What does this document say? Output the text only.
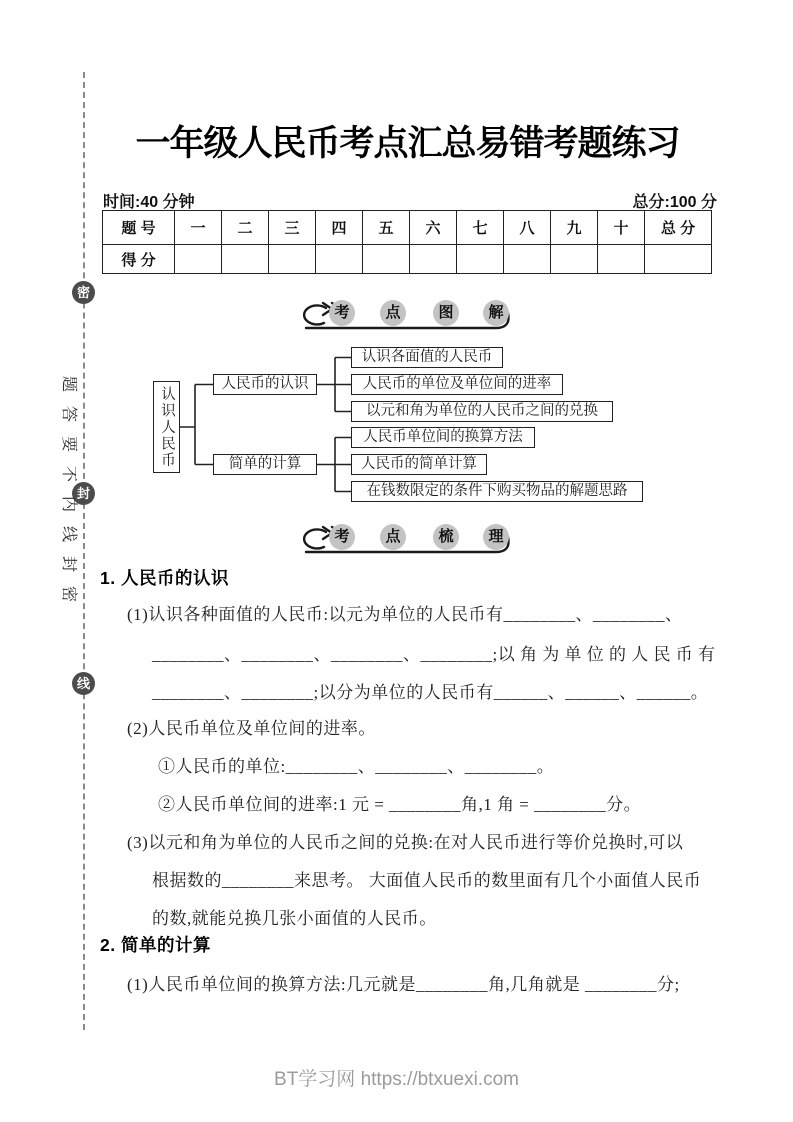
密
封
线
题
答
要
不
内
线
封
密
一年级人民币考点汇总易错考题练习
时间:40 分钟	总分:100 分
题 号	一	二	三	四	五	六	七	八	九	十	总 分
得 分											
考	点	图	解
认识人民币
人民币的认识
简单的计算
认识各面值的人民币
人民币的单位及单位间的进率
以元和角为单位的人民币之间的兑换
人民币单位间的换算方法
人民币的简单计算
在钱数限定的条件下购买物品的解题思路
考	点	梳	理
1. 人民币的认识
(1)认识各种面值的人民币:以元为单位的人民币有________、________、
________、________、________、________;以 角 为 单 位 的 人 民 币 有
________、________;以分为单位的人民币有______、______、______。
(2)人民币单位及单位间的进率。
①人民币的单位:________、________、________。
②人民币单位间的进率:1 元 = ________角,1 角 = ________分。
(3)以元和角为单位的人民币之间的兑换:在对人民币进行等价兑换时,可以
根据数的________来思考。 大面值人民币的数里面有几个小面值人民币
的数,就能兑换几张小面值的人民币。
2. 简单的计算
(1)人民币单位间的换算方法:几元就是________角,几角就是 ________分;
BT学习网 https://btxuexi.com
